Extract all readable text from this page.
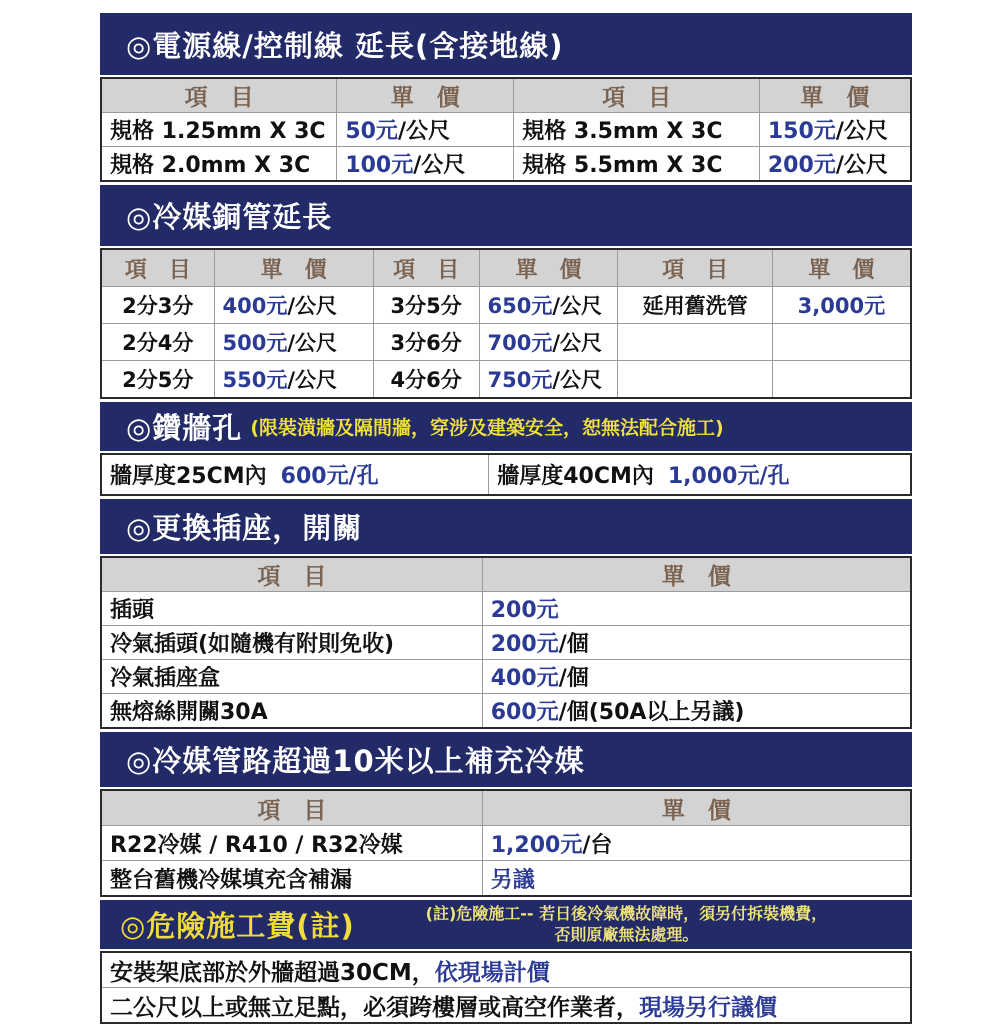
◎電源線/控制線 延長(含接地線)
項　目	單　價	項　目	單　價
規格 1.25mm X 3C 50元 /公尺	規格 3.5mm X 3C	150元 /公尺
規格 2.0mm X 3C	100元 /公尺	規格 5.5mm X 3C	200元 /公尺
◎冷媒銅管延長
項　目	單　價	項　目	單　價	項　目	單　價
2分3分	400元 /公尺	3分5分	650元 /公尺	延用舊洗管	3,000元
2分4分	500元 /公尺	3分6分	700元 /公尺
2分5分	550元 /公尺	4分6分	750元 /公尺
◎鑽牆孔 (限裝潢牆及隔間牆，穿涉及建築安全，恕無法配合施工)
牆厚度25CM內 600元/孔	牆厚度40CM內 1,000元/孔
◎更換插座，開關
項　目	單　價
插頭	200元
冷氣插頭(如隨機有附則免收)	200元 /個
冷氣插座盒	400元 /個
無熔絲開關30A	600元 /個(50A以上另議)
◎冷媒管路超過10米以上補充冷媒
項　目	單　價
R22冷媒 / R410 / R32冷媒	1,200元 /台
整台舊機冷媒填充含補漏	另議
◎危險施工費(註)	(註)危險施工-- 若日後冷氣機故障時，須另付拆裝機費，
否則原廠無法處理。
安裝架底部於外牆超過30CM， 依現場計價
二公尺以上或無立足點，必須跨樓層或高空作業者， 現場另行議價
